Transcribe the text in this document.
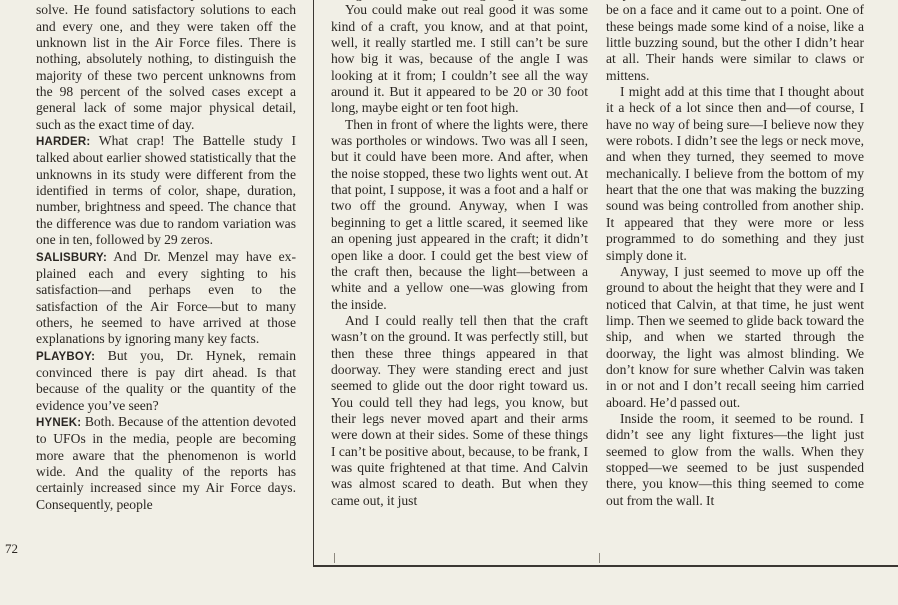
solve. He found satisfactory solutions to each and every one, and they were taken off the unknown list in the Air Force files. There is nothing, absolutely nothing, to distinguish the majority of these two percent unknowns from the 98 percent of the solved cases except a general lack of some major physical detail, such as the exact time of day.

HARDER: What crap! The Battelle study I talked about earlier showed statistically that the unknowns in its study were different from the identified in terms of color, shape, duration, number, brightness and speed. The chance that the difference was due to random variation was one in ten, followed by 29 zeros.

SALISBURY: And Dr. Menzel may have explained each and every sighting to his satisfaction—and perhaps even to the satisfaction of the Air Force—but to many others, he seemed to have arrived at those explanations by ignoring many key facts.

PLAYBOY: But you, Dr. Hynek, remain convinced there is pay dirt ahead. Is that because of the quality or the quantity of the evidence you’ve seen?

HYNEK: Both. Because of the attention devoted to UFOs in the media, people are becoming more aware that the phenomenon is world wide. And the quality of the reports has certainly increased since my Air Force days. Consequently, people

You could make out real good it was some kind of a craft, you know, and at that point, well, it really startled me. I still can’t be sure how big it was, because of the angle I was looking at it from; I couldn’t see all the way around it. But it appeared to be 20 or 30 foot long, maybe eight or ten foot high.

Then in front of where the lights were, there was portholes or windows. Two was all I seen, but it could have been more. And after, when the noise stopped, these two lights went out. At that point, I suppose, it was a foot and a half or two off the ground. Anyway, when I was beginning to get a little scared, it seemed like an opening just appeared in the craft; it didn’t open like a door. I could get the best view of the craft then, because the light—between a white and a yellow one—was glowing from the inside.

And I could really tell then that the craft wasn’t on the ground. It was perfectly still, but then these three things appeared in that doorway. They were standing erect and just seemed to glide out the door right toward us. You could tell they had legs, you know, but their legs never moved apart and their arms were down at their sides. Some of these things I can’t be positive about, because, to be frank, I was quite frightened at that time. And Calvin was almost scared to death. But when they came out, it just

be on a face and it came out to a point. One of these beings made some kind of a noise, like a little buzzing sound, but the other I didn’t hear at all. Their hands were similar to claws or mittens.

I might add at this time that I thought about it a heck of a lot since then and—of course, I have no way of being sure—I believe now they were robots. I didn’t see the legs or neck move, and when they turned, they seemed to move mechanically. I believe from the bottom of my heart that the one that was making the buzzing sound was being controlled from another ship. It appeared that they were more or less programmed to do something and they just simply done it.

Anyway, I just seemed to move up off the ground to about the height that they were and I noticed that Calvin, at that time, he just went limp. Then we seemed to glide back toward the ship, and when we started through the doorway, the light was almost blinding. We don’t know for sure whether Calvin was taken in or not and I don’t recall seeing him carried aboard. He’d passed out.

Inside the room, it seemed to be round. I didn’t see any light fixtures—the light just seemed to glow from the walls. When they stopped—we seemed to be just suspended there, you know—this thing seemed to come out from the wall. It

72
